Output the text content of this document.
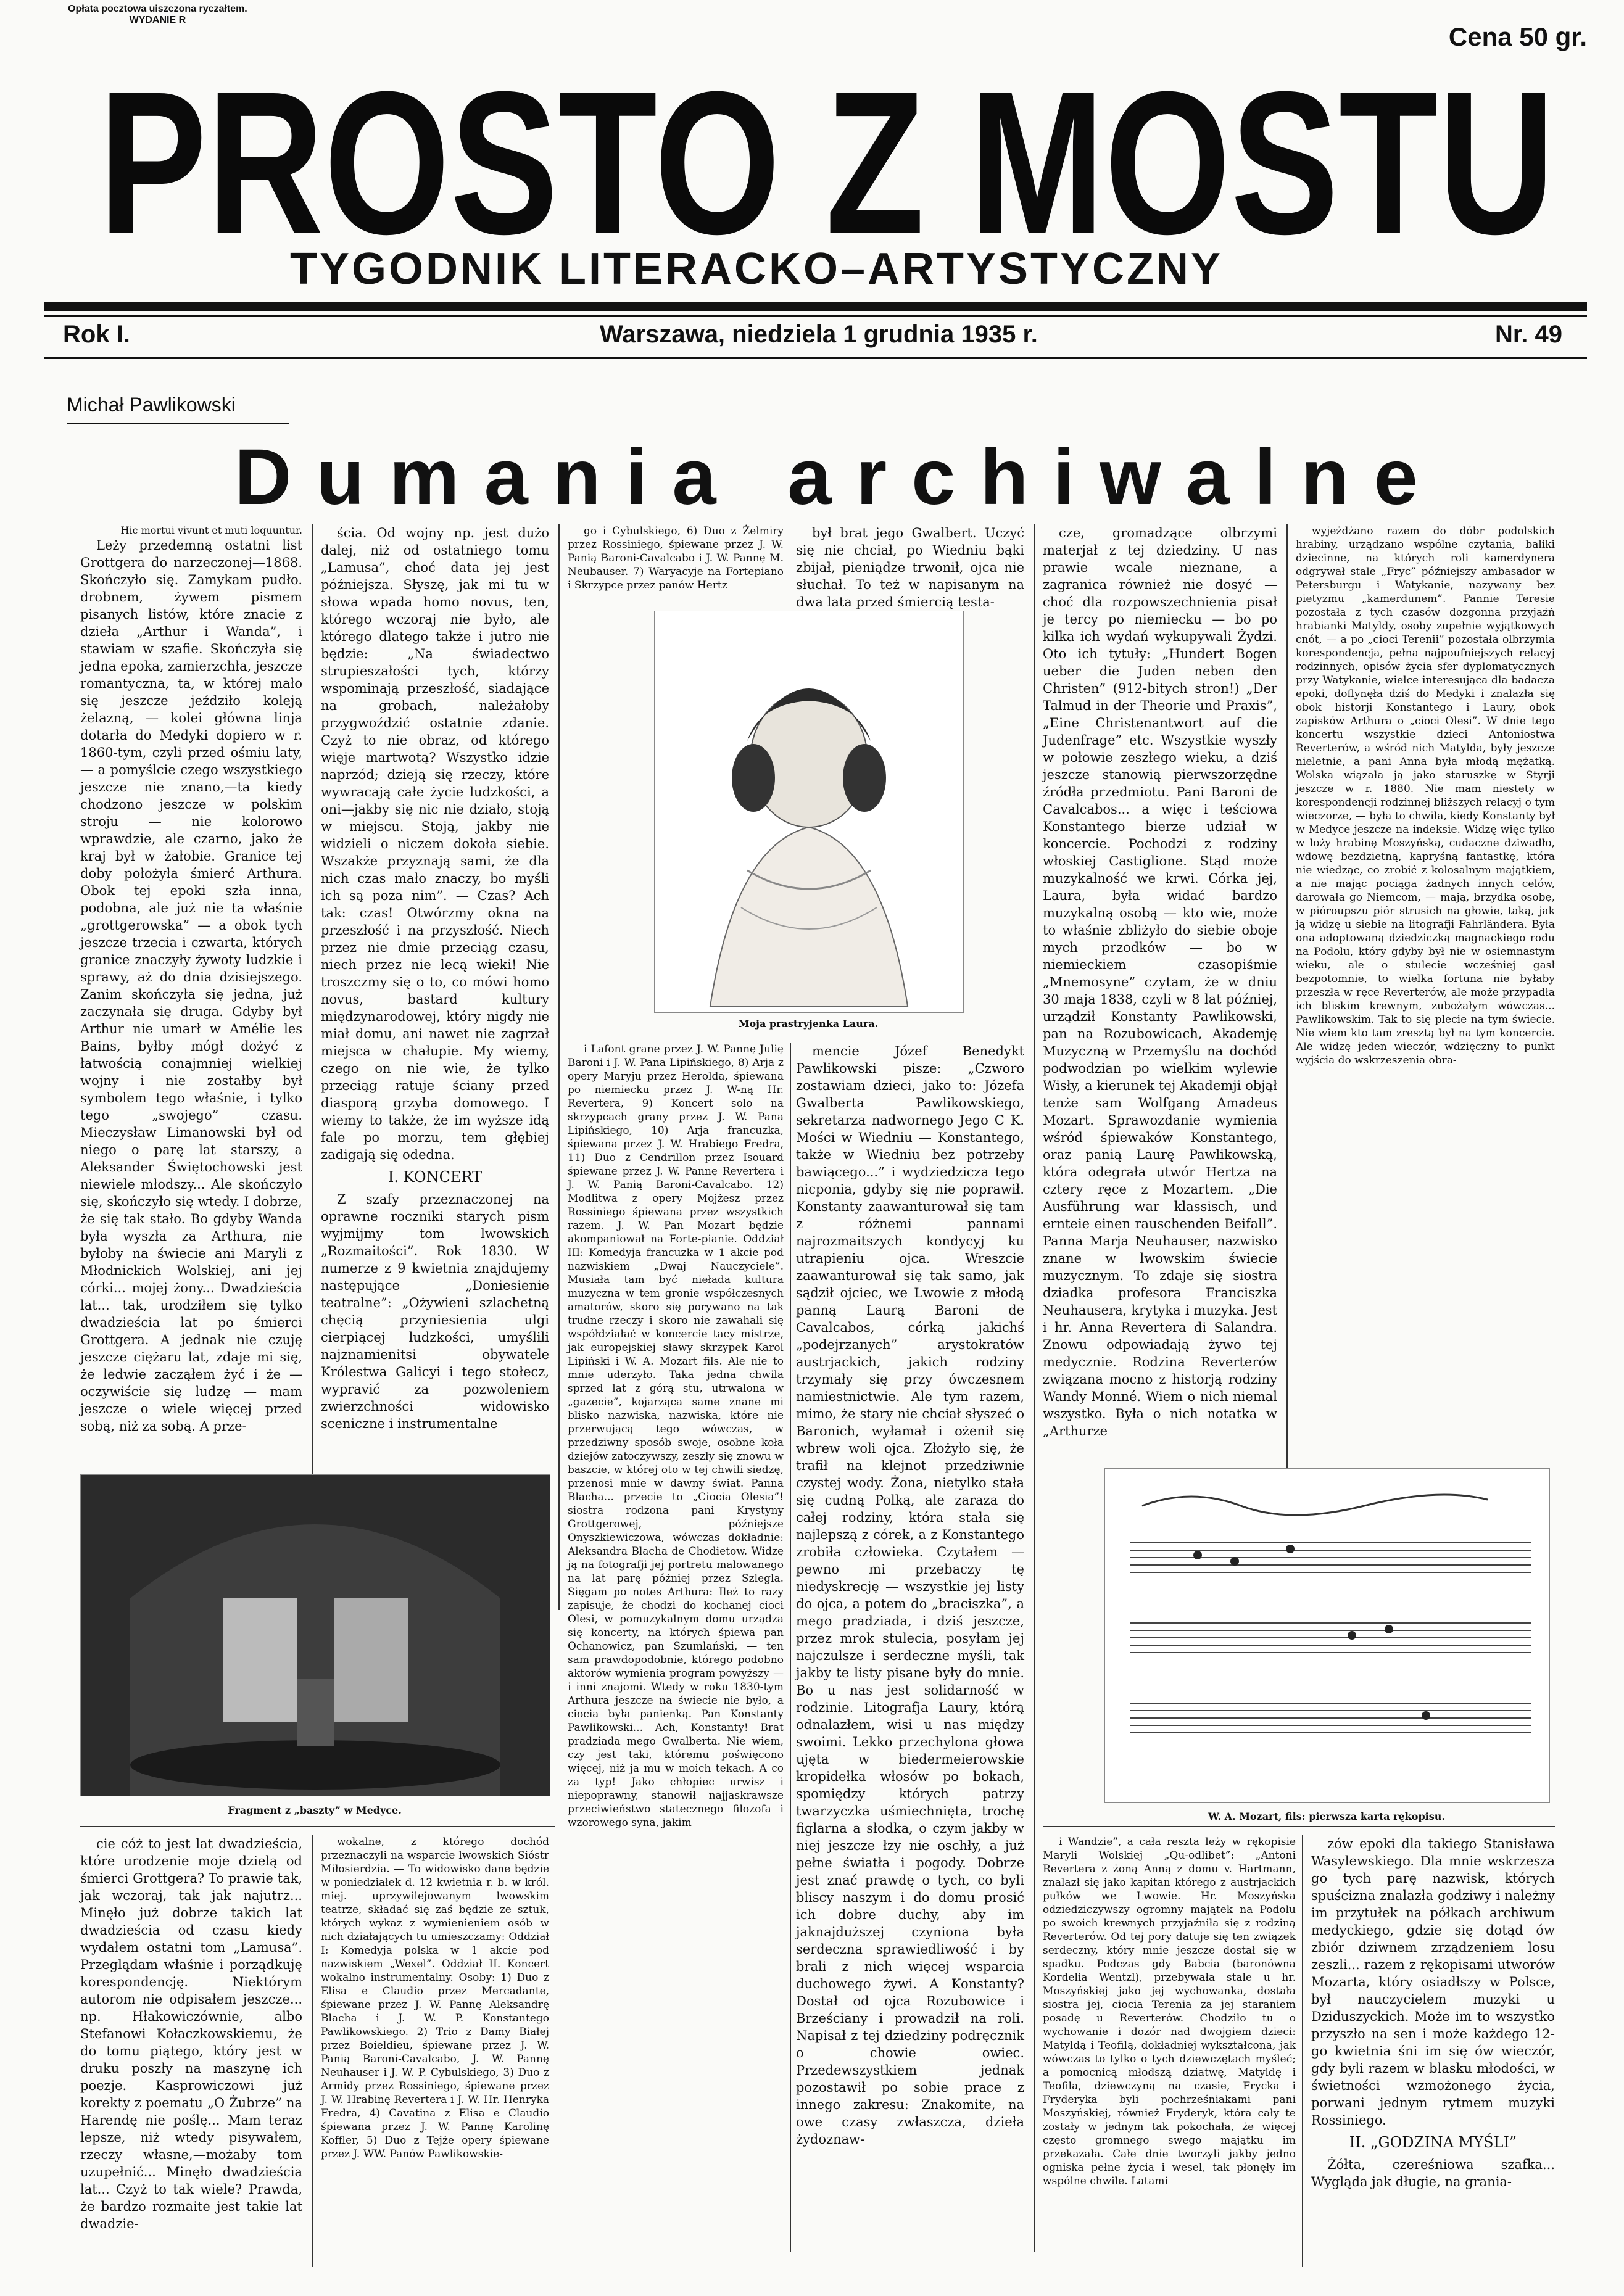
Opłata pocztowa uiszczona ryczałtem.
WYDANIE R
Cena 50 gr.
PROSTO Z MOSTU
TYGODNIK LITERACKO–ARTYSTYCZNY
Rok I.	Warszawa, niedziela 1 grudnia 1935 r.	Nr. 49
Michał Pawlikowski
Dumania archiwalne
Hic mortui vivunt et muti loquuntur.

Leży przedemną ostatni list Grottgera do narzeczonej—1868. Skończyło się. Zamykam pudło. drobnem, żywem pismem pisanych listów, które znacie z dzieła „Arthur i Wanda”, i stawiam w szafie. Skończyła się jedna epoka, zamierzchła, jeszcze romantyczna, ta, w której mało się jeszcze jeździło koleją żelazną, — kolei główna linja dotarła do Medyki dopiero w r. 1860-tym, czyli przed ośmiu laty, — a pomyślcie czego wszystkiego jeszcze nie znano,—ta kiedy chodzono jeszcze w polskim stroju — nie kolorowo wprawdzie, ale czarno, jako że kraj był w żałobie. Granice tej doby położyła śmierć Arthura. Obok tej epoki szła inna, podobna, ale już nie ta właśnie „grottgerowska” — a obok tych jeszcze trzecia i czwarta, których granice znaczyły żywoty ludzkie i sprawy, aż do dnia dzisiejszego. Zanim skończyła się jedna, już zaczynała się druga. Gdyby był Arthur nie umarł w Amélie les Bains, byłby mógł dożyć z łatwością conajmniej wielkiej wojny i nie zostałby był symbolem tego właśnie, i tylko tego „swojego” czasu. Mieczysław Limanowski był od niego o parę lat starszy, a Aleksander Świętochowski jest niewiele młodszy... Ale skończyło się, skończyło się wtedy. I dobrze, że się tak stało. Bo gdyby Wanda była wyszła za Arthura, nie byłoby na świecie ani Maryli z Młodnickich Wolskiej, ani jej córki... mojej żony... Dwadzieścia lat... tak, urodziłem się tylko dwadzieścia lat po śmierci Grottgera. A jednak nie czuję jeszcze ciężaru lat, zdaje mi się, że ledwie zacząłem żyć i że — oczywiście się ludzę — mam jeszcze o wiele więcej przed sobą, niż za sobą. A prze-

ścia. Od wojny np. jest dużo dalej, niż od ostatniego tomu „Lamusa”, choć data jej jest późniejsza. Słyszę, jak mi tu w słowa wpada homo novus, ten, którego wczoraj nie było, ale którego dlatego także i jutro nie będzie: „Na świadectwo strupieszałości tych, którzy wspominają przeszłość, siadające na grobach, należałoby przygwoździć ostatnie zdanie. Czyż to nie obraz, od którego więje martwotą? Wszystko idzie naprzód; dzieją się rzeczy, które wywracają całe życie ludzkości, a oni—jakby się nic nie działo, stoją w miejscu. Stoją, jakby nie widzieli o niczem dokoła siebie. Wszakże przyznają sami, że dla nich czas mało znaczy, bo myśli ich są poza nim”. — Czas? Ach tak: czas! Otwórzmy okna na przeszłość i na przyszłość. Niech przez nie dmie przeciąg czasu, niech przez nie lecą wieki! Nie troszczmy się o to, co mówi homo novus, bastard kultury międzynarodowej, który nigdy nie miał domu, ani nawet nie zagrzał miejsca w chałupie. My wiemy, czego on nie wie, że tylko przeciąg ratuje ściany przed diasporą grzyba domowego. I wiemy to także, że im wyższe idą fale po morzu, tem głębiej zadigają się odedna.

I. KONCERT

Z szafy przeznaczonej na oprawne roczniki starych pism wyjmijmy tom lwowskich „Rozmaitości”. Rok 1830. W numerze z 9 kwietnia znajdujemy następujące „Doniesienie teatralne”: „Ożywieni szlachetną chęcią przyniesienia ulgi cierpiącej ludzkości, umyślili najznamienitsi obywatele Królestwa Galicyi i tego stołecz, wypravić za pozwoleniem zwierzchności widowisko sceniczne i instrumentalne

go i Cybulskiego, 6) Duo z Żelmiry przez Rossiniego, śpiewane przez J. W. Panią Baroni-Cavalcabo i J. W. Pannę M. Neubauser. 7) Waryacyje na Fortepiano i Skrzypce przez panów Hertz

był brat jego Gwalbert. Uczyć się nie chciał, po Wiedniu bąki zbijał, pieniądze trwonił, ojca nie słuchał. To też w napisanym na dwa lata przed śmiercią testa-

Moja prastryjenka Laura.

i Lafont grane przez J. W. Pannę Julię Baroni i J. W. Pana Lipińskiego, 8) Arja z opery Maryju przez Herolda, śpiewana po niemiecku przez J. W-ną Hr. Revertera, 9) Koncert solo na skrzypcach grany przez J. W. Pana Lipińskiego, 10) Arja francuzka, śpiewana przez J. W. Hrabiego Fredra, 11) Duo z Cendrillon przez Isouard śpiewane przez J. W. Pannę Revertera i J. W. Panią Baroni-Cavalcabo. 12) Modlitwa z opery Mojżesz przez Rossiniego śpiewana przez wszystkich razem. J. W. Pan Mozart będzie akompaniował na Forte-pianie. Oddział III: Komedyja francuzka w 1 akcie pod nazwiskiem „Dwaj Nauczyciele”. Musiała tam być niełada kultura muzyczna w tem gronie współczesnych amatorów, skoro się porywano na tak trudne rzeczy i skoro nie zawahali się współdziałać w koncercie tacy mistrze, jak europejskiej sławy skrzypek Karol Lipiński i W. A. Mozart fils. Ale nie to mnie uderzyło. Taka jedna chwila sprzed lat z górą stu, utrwalona w „gazecie”, kojarząca same znane mi blisko nazwiska, nazwiska, które nie przerwującą tego wówczas, w przedziwny sposób swoje, osobne koła dziejów zatoczywszy, zeszły się znowu w baszcie, w której oto w tej chwili siedzę, przenosi mnie w dawny świat. Panna Blacha... przecie to „Ciocia Olesia”! siostra rodzona pani Krystyny Grottgerowej, późniejsze Onyszkiewiczowa, wówczas dokładnie: Aleksandra Blacha de Chodietow. Widzę ją na fotografji jej portretu malowanego na lat parę później przez Szlegla. Sięgam po notes Arthura: Ileż to razy zapisuje, że chodzi do kochanej cioci Olesi, w pomuzykalnym domu urządza się koncerty, na których śpiewa pan Ochanowicz, pan Szumlański, — ten sam prawdopodobnie, którego podobno aktorów wymienia program powyższy — i inni znajomi. Wtedy w roku 1830-tym Arthura jeszcze na świecie nie było, a ciocia była panienką. Pan Konstanty Pawlikowski... Ach, Konstanty! Brat pradziada mego Gwalberta. Nie wiem, czy jest taki, któremu poświęcono więcej, niż ja mu w moich tekach. A co za typ! Jako chłopiec urwisz i niepoprawny, stanowił najjaskrawsze przeciwieństwo statecznego filozofa i wzorowego syna, jakim

mencie Józef Benedykt Pawlikowski pisze: „Czworo zostawiam dzieci, jako to: Józefa Gwalberta Pawlikowskiego, sekretarza nadwornego Jego C K. Mości w Wiedniu — Konstantego, także w Wiedniu bez potrzeby bawiącego...” i wydziedzicza tego nicponia, gdyby się nie poprawił. Konstanty zaawanturował się tam z różnemi pannami najrozmaitszych kondycyj ku utrapieniu ojca. Wreszcie zaawanturował się tak samo, jak sądził ojciec, we Lwowie z młodą panną Laurą Baroni de Cavalcabos, córką jakichś „podejrzanych” arystokratów austrjackich, jakich rodziny trzymały się przy ówczesnem namiestnictwie. Ale tym razem, mimo, że stary nie chciał słyszeć o Baronich, wyłamał i ożenił się wbrew woli ojca. Złożyło się, że trafił na klejnot przedziwnie czystej wody. Żona, nietylko stała się cudną Polką, ale zaraza do całej rodziny, która stała się najlepszą z córek, a z Konstantego zrobiła człowieka. Czytałem — pewno mi przebaczy tę niedyskrecję — wszystkie jej listy do ojca, a potem do „braciszka”, a mego pradziada, i dziś jeszcze, przez mrok stulecia, posyłam jej najczulsze i serdeczne myśli, tak jakby te listy pisane były do mnie. Bo u nas jest solidarność w rodzinie. Litografja Laury, którą odnalazłem, wisi u nas między swoimi. Lekko przechylona głowa ujęta w biedermeierowskie kropidełka włosów po bokach, spomiędzy których patrzy twarzyczka uśmiechnięta, trochę figlarna a słodka, o czym jakby w niej jeszcze łzy nie oschły, a już pełne światła i pogody. Dobrze jest znać prawdę o tych, co byli bliscy naszym i do domu prosić ich dobre duchy, aby im jaknajduższej czyniona była serdeczna sprawiedliwość i by brali z nich więcej wsparcia duchowego żywi. A Konstanty? Dostał od ojca Rozubowice i Brześciany i prowadził na roli. Napisał z tej dziedziny podręcznik o chowie owiec. Przedewszystkiem jednak pozostawił po sobie prace z innego zakresu: Znakomite, na owe czasy zwłaszcza, dzieła żydoznaw-

cze, gromadzące olbrzymi materjał z tej dziedziny. U nas prawie wcale nieznane, a zagranica również nie dosyć — choć dla rozpowszechnienia pisał je tercy po niemiecku — bo po kilka ich wydań wykupywali Żydzi. Oto ich tytuły: „Hundert Bogen ueber die Juden neben den Christen” (912-bitych stron!) „Der Talmud in der Theorie und Praxis”, „Eine Christenantwort auf die Judenfrage” etc. Wszystkie wyszły w połowie zeszłego wieku, a dziś jeszcze stanowią pierwszorzędne źródła przedmiotu. Pani Baroni de Cavalcabos... a więc i teściowa Konstantego bierze udział w koncercie. Pochodzi z rodziny włoskiej Castiglione. Stąd może muzykalność we krwi. Córka jej, Laura, była widać bardzo muzykalną osobą — kto wie, może to właśnie zbliżyło do siebie oboje mych przodków — bo w niemieckiem czasopiśmie „Mnemosyne” czytam, że w dniu 30 maja 1838, czyli w 8 lat później, urządził Konstanty Pawlikowski, pan na Rozubowicach, Akademję Muzyczną w Przemyślu na dochód podwodzian po wielkim wylewie Wisły, a kierunek tej Akademji objął tenże sam Wolfgang Amadeus Mozart. Sprawozdanie wymienia wśród śpiewaków Konstantego, oraz panią Laurę Pawlikowską, która odegrała utwór Hertza na cztery ręce z Mozartem. „Die Ausführung war klassisch, und ernteie einen rauschenden Beifall”. Panna Marja Neuhauser, nazwisko znane w lwowskim świecie muzycznym. To zdaje się siostra dziadka profesora Franciszka Neuhausera, krytyka i muzyka. Jest i hr. Anna Revertera di Salandra. Znowu odpowiadają żywo tej medycznie. Rodzina Reverterów związana mocno z historją rodziny Wandy Monné. Wiem o nich niemal wszystko. Była o nich notatka w „Arthurze

wyjeżdżano razem do dóbr podolskich hrabiny, urządzano wspólne czytania, baliki dziecinne, na których roli kamerdynera odgrywał stale „Fryc” późniejszy ambasador w Petersburgu i Watykanie, nazywany bez pietyzmu „kamerdunem”. Pannie Teresie pozostała z tych czasów dozgonna przyjaźń hrabianki Matyldy, osoby zupełnie wyjątkowych cnót, — a po „cioci Terenii” pozostała olbrzymia korespondencja, pełna najpoufniejszych relacyj rodzinnych, opisów życia sfer dyplomatycznych przy Watykanie, wielce interesująca dla badacza epoki, doflynęła dziś do Medyki i znalazła się obok historji Konstantego i Laury, obok zapisków Arthura o „cioci Olesi”. W dnie tego koncertu wszystkie dzieci Antoniostwa Reverterów, a wśród nich Matylda, były jeszcze nieletnie, a pani Anna była młodą mężatką. Wolska wiązała ją jako staruszkę w Styrji jeszcze w r. 1880. Nie mam niestety w korespondencji rodzinnej bliższych relacyj o tym wieczorze, — była to chwila, kiedy Konstanty był w Medyce jeszcze na indeksie. Widzę więc tylko w loży hrabinę Moszyńską, cudaczne dziwadło, wdowę bezdzietną, kapryśną fantastkę, która nie wiedząc, co zrobić z kolosalnym majątkiem, a nie mając pociąga żadnych innych celów, darowała go Niemcom, — mają, brzydką osobę, w pióroupszu piór strusich na głowie, taką, jak ją widzę u siebie na litografji Fahrländera. Była ona adoptowaną dziedziczką magnackiego rodu na Podolu, który gdyby był nie w osiemnastym wieku, ale o stulecie wcześniej gasł bezpotomnie, to wielka fortuna nie byłaby przeszła w ręce Reverterów, ale może przypadła ich bliskim krewnym, zubożałym wówczas... Pawlikowskim. Tak to się plecie na tym świecie. Nie wiem kto tam zresztą był na tym koncercie. Ale widzę jeden wieczór, wdzięczny to punkt wyjścia do wskrzeszenia obra-

Fragment z „baszty” w Medyce.
W. A. Mozart, fils: pierwsza karta rękopisu.

cie cóż to jest lat dwadzieścia, które urodzenie moje dzielą od śmierci Grottgera? To prawie tak, jak wczoraj, tak jak najutrz... Minęło już dobrze takich lat dwadzieścia od czasu kiedy wydałem ostatni tom „Lamusa”. Przeglądam właśnie i porządkuję korespondencję. Niektórym autorom nie odpisałem jeszcze... np. Hłakowiczównie, albo Stefanowi Kołaczkowskiemu, że do tomu piątego, który jest w druku poszły na maszynę ich poezje. Kasprowiczowi już korekty z poematu „O Żubrze” na Harendę nie poślę... Mam teraz lepsze, niż wtedy pisywałem, rzeczy własne,—możaby tom uzupełnić... Minęło dwadzieścia lat... Czyż to tak wiele? Prawda, że bardzo rozmaite jest takie lat dwadzie-

wokalne, z którego dochód przeznaczyli na wsparcie lwowskich Sióstr Miłosierdzia. — To widowisko dane będzie w poniedziałek d. 12 kwietnia r. b. w król. miej. uprzywilejowanym lwowskim teatrze, składać się zaś będzie ze sztuk, których wykaz z wymienieniem osób w nich działających tu umieszczamy: Oddział I: Komedyja polska w 1 akcie pod nazwiskiem „Wexel”. Oddział II. Koncert wokalno instrumentalny. Osoby: 1) Duo z Elisa e Claudio przez Mercadante, śpiewane przez J. W. Pannę Aleksandrę Blacha i J. W. P. Konstantego Pawlikowskiego. 2) Trio z Damy Białej przez Boieldieu, śpiewane przez J. W. Panią Baroni-Cavalcabo, J. W. Pannę Neuhauser i J. W. P. Cybulskiego, 3) Duo z Armidy przez Rossiniego, śpiewane przez J. W. Hrabinę Revertera i J. W. Hr. Henryka Fredra, 4) Cavatina z Elisa e Claudio śpiewana przez J. W. Pannę Karolinę Koffler, 5) Duo z Tejże opery śpiewane przez J. WW. Panów Pawlikowskie-

i Wandzie”, a cała reszta leży w rękopisie Maryli Wolskiej „Qu-odlibet”: „Antoni Revertera z żoną Anną z domu v. Hartmann, znalazł się jako kapitan którego z austrjackich pułków we Lwowie. Hr. Moszyńska odziedziczywszy ogromny majątek na Podolu po swoich krewnych przyjaźniła się z rodziną Reverterów. Od tej pory datuje się ten związek serdeczny, który mnie jeszcze dostał się w spadku. Podczas gdy Babcia (baronówna Kordelia Wentzl), przebywała stale u hr. Moszyńskiej jako jej wychowanka, dostała siostra jej, ciocia Terenia za jej staraniem posadę u Reverterów. Chodziło tu o wychowanie i dozór nad dwojgiem dzieci: Matyldą i Teofilą, dokładniej wykształcona, jak wówczas to tylko o tych dziewczętach myśleć; a pomocnicą młodszą dziatwę, Matyldę i Teofila, dziewczyną na czasie, Frycka i Fryderyka byli pochrześniakami pani Moszyńskiej, również Fryderyk, która cały te zostały w jednym tak pokochała, że więcej często gromnego swego majątku im przekazała. Całe dnie tworzyli jakby jedno ogniska pełne życia i wesel, tak płonęły im wspólne chwile. Latami

zów epoki dla takiego Stanisława Wasylewskiego. Dla mnie wskrzesza go tych parę nazwisk, których spuścizna znalazła godziwy i należny im przytułek na półkach archiwum medyckiego, gdzie się dotąd ów zbiór dziwnem zrządzeniem losu zeszli... razem z rękopisami utworów Mozarta, który osiadłszy w Polsce, był nauczycielem muzyki u Dziduszyckich. Może im to wszystko przyszło na sen i może każdego 12-go kwietnia śni im się ów wieczór, gdy byli razem w blasku młodości, w świetności wzmożonego życia, porwani jednym rytmem muzyki Rossiniego.

II. „GODZINA MYŚLI”

Żółta, czereśniowa szafka... Wygląda jak długie, na grania-
